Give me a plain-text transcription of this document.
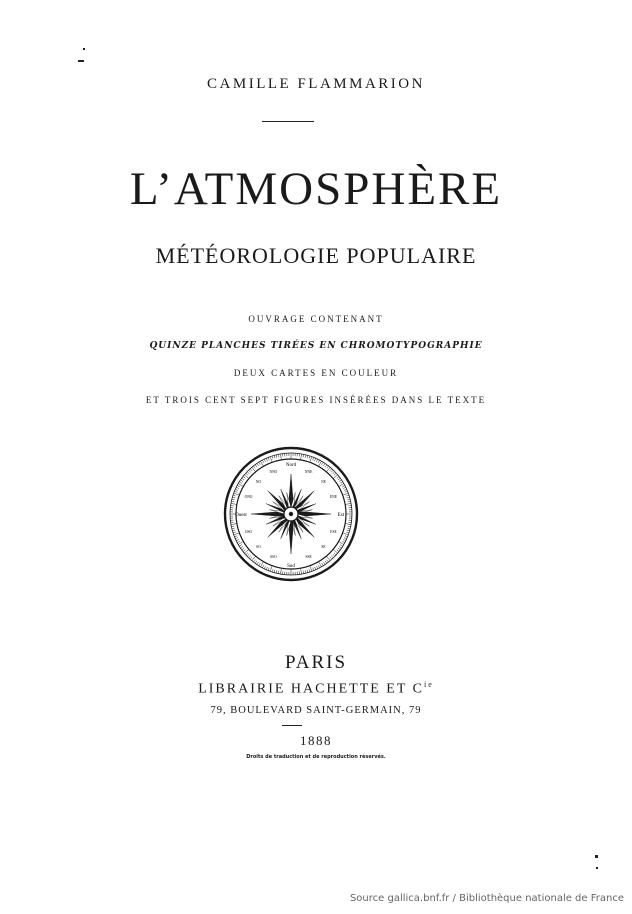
CAMILLE FLAMMARION
L’ATMOSPHÈRE
MÉTÉOROLOGIE POPULAIRE
OUVRAGE CONTENANT
QUINZE PLANCHES TIRÉES EN CHROMOTYPOGRAPHIE
DEUX CARTES EN COULEUR
ET TROIS CENT SEPT FIGURES INSÉRÉES DANS LE TEXTE
Nord
Sud
Est
Ouest
NE
ENE
ESE
SE
SSE
SSO
SO
OSO
ONO
NO
NNO	NNE
PARIS
LIBRAIRIE HACHETTE ET $C^{ie}$
79, BOULEVARD SAINT-GERMAIN, 79
1888
Droits de traduction et de reproduction réservés.
Source gallica.bnf.fr / Bibliothèque nationale de France
